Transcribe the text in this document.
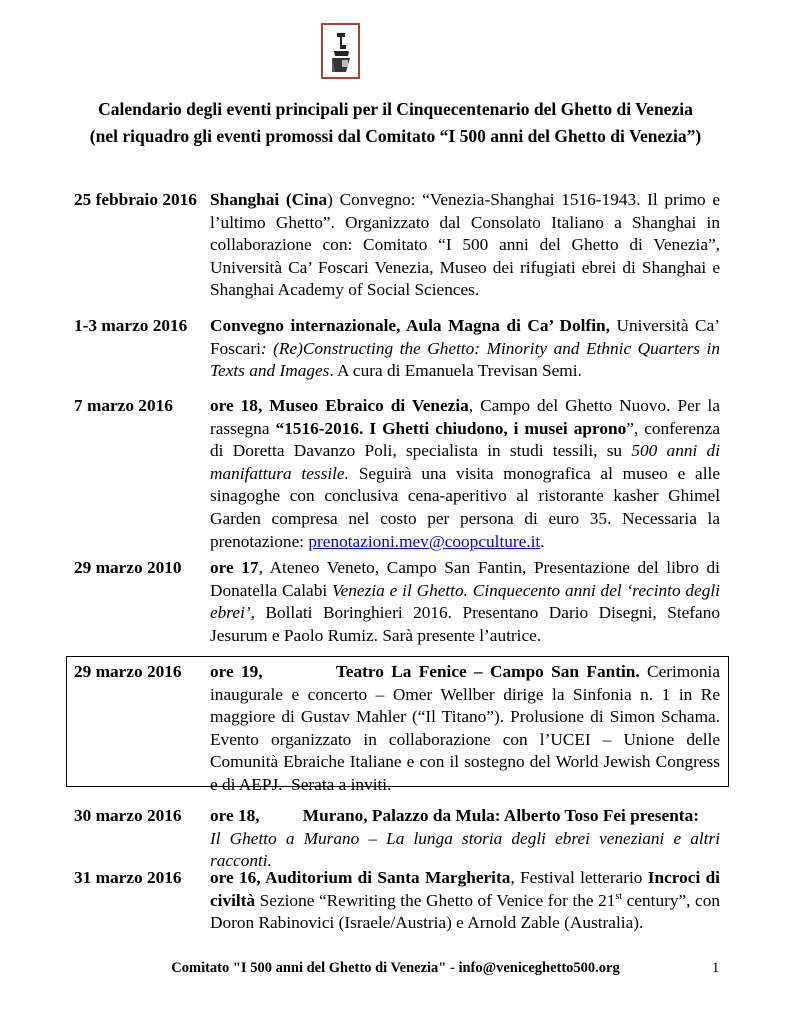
Calendario degli eventi principali per il Cinquecentenario del Ghetto di Venezia
(nel riquadro gli eventi promossi dal Comitato “I 500 anni del Ghetto di Venezia”)
25 febbraio 2016 Shanghai (Cina) Convegno: “Venezia-Shanghai 1516-1943. Il primo e l’ultimo Ghetto”. Organizzato dal Consolato Italiano a Shanghai in collaborazione con: Comitato “I 500 anni del Ghetto di Venezia”, Università Ca’ Foscari Venezia, Museo dei rifugiati ebrei di Shanghai e Shanghai Academy of Social Sciences.
1-3 marzo 2016 Convegno internazionale, Aula Magna di Ca’ Dolfin, Università Ca’ Foscari: (Re)Constructing the Ghetto: Minority and Ethnic Quarters in Texts and Images. A cura di Emanuela Trevisan Semi.
7 marzo 2016 ore 18, Museo Ebraico di Venezia, Campo del Ghetto Nuovo. Per la rassegna “1516-2016. I Ghetti chiudono, i musei aprono”, conferenza di Doretta Davanzo Poli, specialista in studi tessili, su 500 anni di manifattura tessile. Seguirà una visita monografica al museo e alle sinagoghe con conclusiva cena-aperitivo al ristorante kasher Ghimel Garden compresa nel costo per persona di euro 35. Necessaria la prenotazione: prenotazioni.mev@coopculture.it.
29 marzo 2010 ore 17, Ateneo Veneto, Campo San Fantin, Presentazione del libro di Donatella Calabi Venezia e il Ghetto. Cinquecento anni del ‘recinto degli ebrei’, Bollati Boringhieri 2016. Presentano Dario Disegni, Stefano Jesurum e Paolo Rumiz. Sarà presente l’autrice.
29 marzo 2016 ore 19,          Teatro La Fenice – Campo San Fantin. Cerimonia inaugurale e concerto – Omer Wellber dirige la Sinfonia n. 1 in Re maggiore di Gustav Mahler (“Il Titano”). Prolusione di Simon Schama. Evento organizzato in collaborazione con l’UCEI – Unione delle Comunità Ebraiche Italiane e con il sostegno del World Jewish Congress e di AEPJ.  Serata a inviti.
30 marzo 2016 ore 18,          Murano, Palazzo da Mula: Alberto Toso Fei presenta:
Il Ghetto a Murano – La lunga storia degli ebrei veneziani e altri racconti.
31 marzo 2016 ore 16, Auditorium di Santa Margherita, Festival letterario Incroci di civiltà Sezione “Rewriting the Ghetto of Venice for the 21st century”, con Doron Rabinovici (Israele/Austria) e Arnold Zable (Australia).
Comitato "I 500 anni del Ghetto di Venezia" - info@veniceghetto500.org	1
